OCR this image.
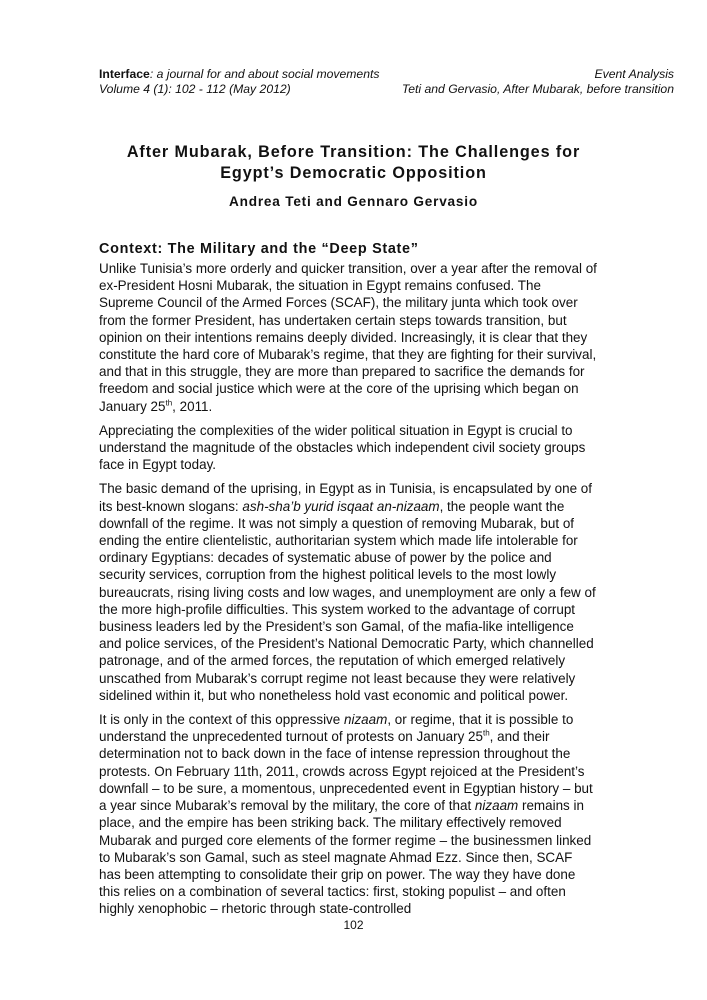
Interface: a journal for and about social movements	Event Analysis
Volume 4 (1): 102 - 112 (May 2012)	Teti and Gervasio, After Mubarak, before transition
After Mubarak, Before Transition: The Challenges for
Egypt’s Democratic Opposition
Andrea Teti and Gennaro Gervasio
Context: The Military and the “Deep State”

Unlike Tunisia’s more orderly and quicker transition, over a year after the removal of ex-President Hosni Mubarak, the situation in Egypt remains confused. The Supreme Council of the Armed Forces (SCAF), the military junta which took over from the former President, has undertaken certain steps towards transition, but opinion on their intentions remains deeply divided. Increasingly, it is clear that they constitute the hard core of Mubarak’s regime, that they are fighting for their survival, and that in this struggle, they are more than prepared to sacrifice the demands for freedom and social justice which were at the core of the uprising which began on January 25th, 2011.

Appreciating the complexities of the wider political situation in Egypt is crucial to understand the magnitude of the obstacles which independent civil society groups face in Egypt today.

The basic demand of the uprising, in Egypt as in Tunisia, is encapsulated by one of its best-known slogans: ash-sha’b yurid isqaat an-nizaam, the people want the downfall of the regime. It was not simply a question of removing Mubarak, but of ending the entire clientelistic, authoritarian system which made life intolerable for ordinary Egyptians: decades of systematic abuse of power by the police and security services, corruption from the highest political levels to the most lowly bureaucrats, rising living costs and low wages, and unemployment are only a few of the more high-profile difficulties. This system worked to the advantage of corrupt business leaders led by the President’s son Gamal, of the mafia-like intelligence and police services, of the President’s National Democratic Party, which channelled patronage, and of the armed forces, the reputation of which emerged relatively unscathed from Mubarak’s corrupt regime not least because they were relatively sidelined within it, but who nonetheless hold vast economic and political power.

It is only in the context of this oppressive nizaam, or regime, that it is possible to understand the unprecedented turnout of protests on January 25th, and their determination not to back down in the face of intense repression throughout the protests. On February 11th, 2011, crowds across Egypt rejoiced at the President’s downfall – to be sure, a momentous, unprecedented event in Egyptian history – but a year since Mubarak’s removal by the military, the core of that nizaam remains in place, and the empire has been striking back. The military effectively removed Mubarak and purged core elements of the former regime – the businessmen linked to Mubarak’s son Gamal, such as steel magnate Ahmad Ezz. Since then, SCAF has been attempting to consolidate their grip on power. The way they have done this relies on a combination of several tactics: first, stoking populist – and often highly xenophobic – rhetoric through state-controlled

102
